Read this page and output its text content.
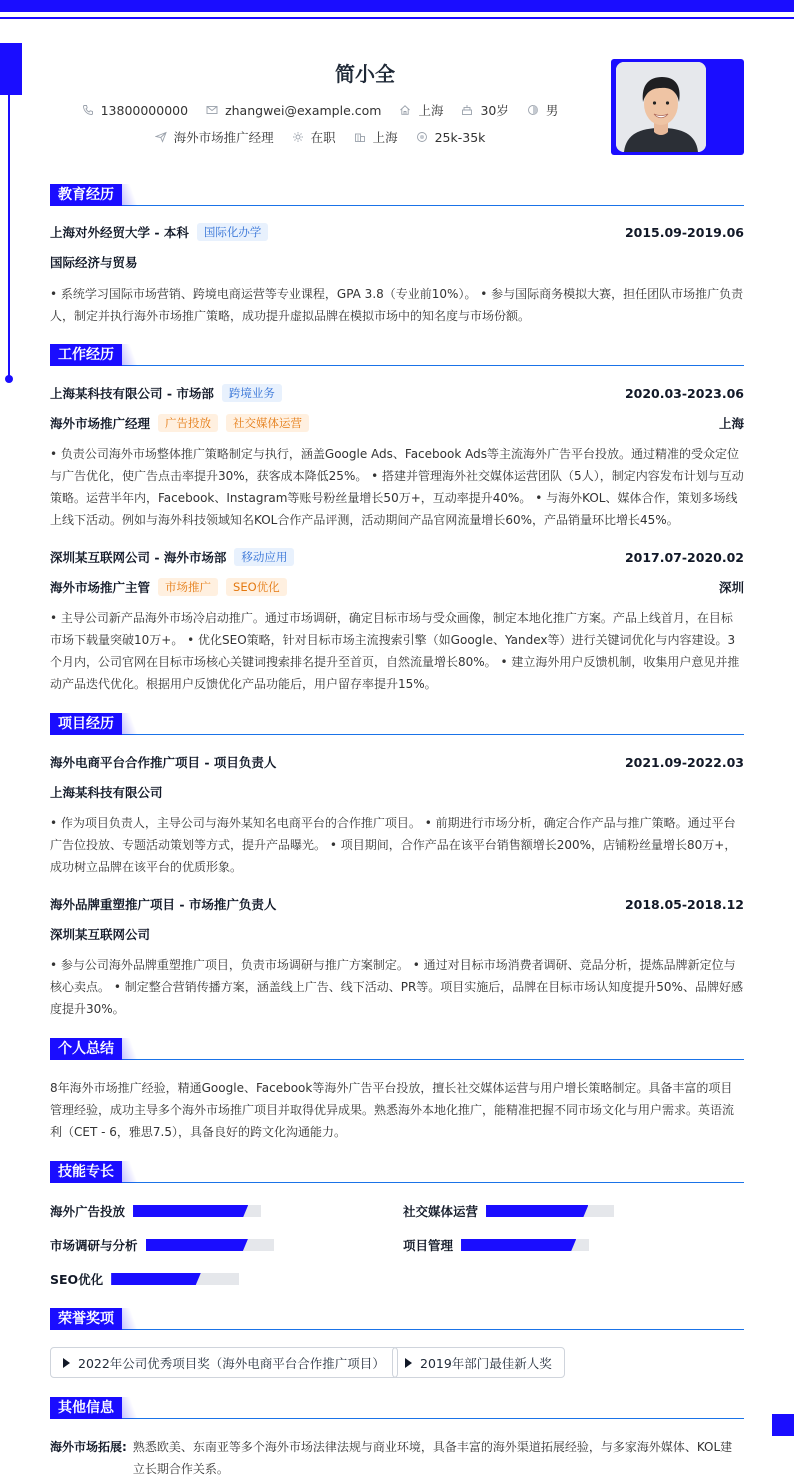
简小全
13800000000	zhangwei@example.com	上海	30岁	男
海外市场推广经理	在职	上海	25k-35k
教育经历
上海对外经贸大学 - 本科	国际化办学	2015.09-2019.06
国际经济与贸易
• 系统学习国际市场营销、跨境电商运营等专业课程，GPA 3.8（专业前10%）。 • 参与国际商务模拟大赛，担任团队市场推广负责人，制定并执行海外市场推广策略，成功提升虚拟品牌在模拟市场中的知名度与市场份额。
工作经历
上海某科技有限公司 - 市场部	跨境业务	2020.03-2023.06
海外市场推广经理	广告投放	社交媒体运营	上海
• 负责公司海外市场整体推广策略制定与执行，涵盖Google Ads、Facebook Ads等主流海外广告平台投放。通过精准的受众定位与广告优化，使广告点击率提升30%，获客成本降低25%。 • 搭建并管理海外社交媒体运营团队（5人），制定内容发布计划与互动策略。运营半年内，Facebook、Instagram等账号粉丝量增长50万+，互动率提升40%。 • 与海外KOL、媒体合作，策划多场线上线下活动。例如与海外科技领域知名KOL合作产品评测，活动期间产品官网流量增长60%，产品销量环比增长45%。
深圳某互联网公司 - 海外市场部	移动应用	2017.07-2020.02
海外市场推广主管	市场推广	SEO优化	深圳
• 主导公司新产品海外市场冷启动推广。通过市场调研，确定目标市场与受众画像，制定本地化推广方案。产品上线首月，在目标市场下载量突破10万+。 • 优化SEO策略，针对目标市场主流搜索引擎（如Google、Yandex等）进行关键词优化与内容建设。3个月内，公司官网在目标市场核心关键词搜索排名提升至首页，自然流量增长80%。 • 建立海外用户反馈机制，收集用户意见并推动产品迭代优化。根据用户反馈优化产品功能后，用户留存率提升15%。
项目经历
海外电商平台合作推广项目 - 项目负责人	2021.09-2022.03
上海某科技有限公司
• 作为项目负责人，主导公司与海外某知名电商平台的合作推广项目。 • 前期进行市场分析，确定合作产品与推广策略。通过平台广告位投放、专题活动策划等方式，提升产品曝光。 • 项目期间，合作产品在该平台销售额增长200%，店铺粉丝量增长80万+，成功树立品牌在该平台的优质形象。
海外品牌重塑推广项目 - 市场推广负责人	2018.05-2018.12
深圳某互联网公司
• 参与公司海外品牌重塑推广项目，负责市场调研与推广方案制定。 • 通过对目标市场消费者调研、竞品分析，提炼品牌新定位与核心卖点。 • 制定整合营销传播方案，涵盖线上广告、线下活动、PR等。项目实施后，品牌在目标市场认知度提升50%、品牌好感度提升30%。
个人总结
8年海外市场推广经验，精通Google、Facebook等海外广告平台投放，擅长社交媒体运营与用户增长策略制定。具备丰富的项目管理经验，成功主导多个海外市场推广项目并取得优异成果。熟悉海外本地化推广，能精准把握不同市场文化与用户需求。英语流利（CET - 6，雅思7.5），具备良好的跨文化沟通能力。
技能专长
海外广告投放	社交媒体运营
市场调研与分析	项目管理
SEO优化
荣誉奖项
2022年公司优秀项目奖（海外电商平台合作推广项目）	2019年部门最佳新人奖
其他信息
海外市场拓展: 熟悉欧美、东南亚等多个海外市场法律法规与商业环境，具备丰富的海外渠道拓展经验，与多家海外媒体、KOL建立长期合作关系。
